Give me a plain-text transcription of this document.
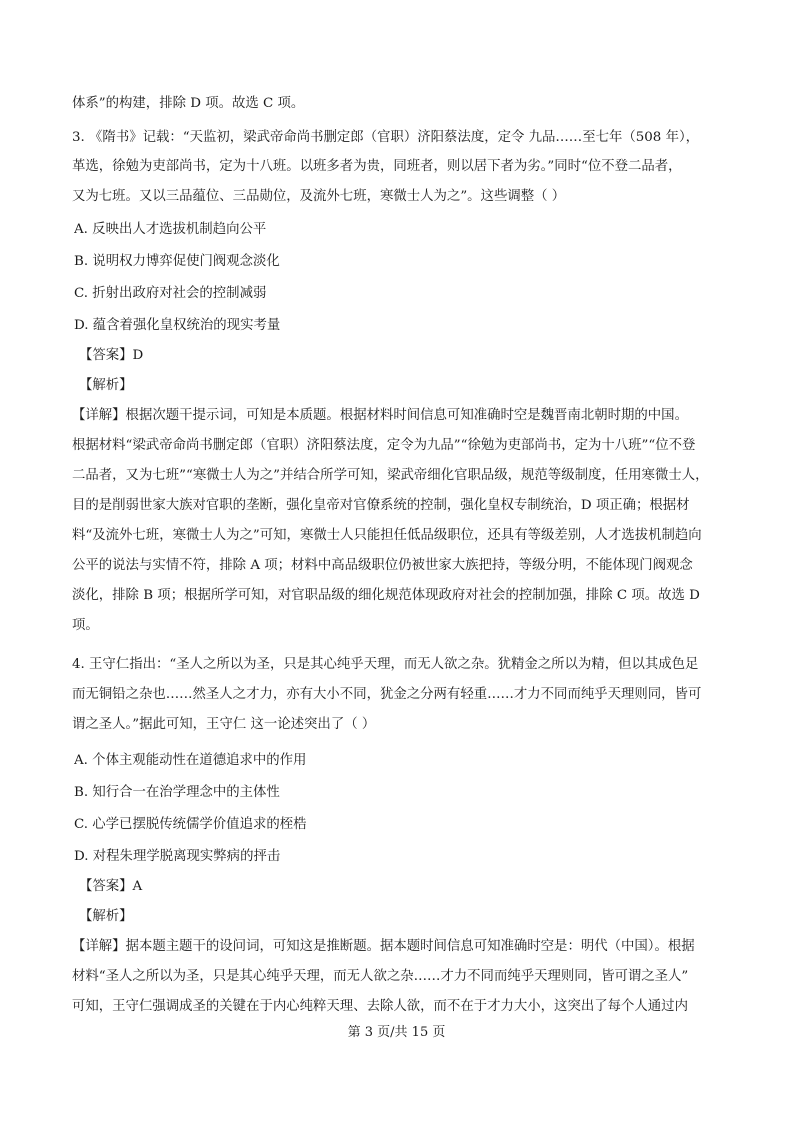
体系”的构建，排除 D 项。故选 C 项。
3. 《隋书》记载：“天监初，梁武帝命尚书删定郎（官职）济阳蔡法度，定令 九品……至七年（508 年），
革选，徐勉为吏部尚书，定为十八班。以班多者为贵，同班者，则以居下者为劣。”同时“位不登二品者，
又为七班。又以三品蕴位、三品勋位，及流外七班，寒微士人为之”。这些调整（ ）
A. 反映出人才选拔机制趋向公平
B. 说明权力博弈促使门阀观念淡化
C. 折射出政府对社会的控制减弱
D. 蕴含着强化皇权统治的现实考量
【答案】D
【解析】
【详解】根据次题干提示词，可知是本质题。根据材料时间信息可知准确时空是魏晋南北朝时期的中国。
根据材料“梁武帝命尚书删定郎（官职）济阳蔡法度，定令为九品”“徐勉为吏部尚书，定为十八班”“位不登
二品者，又为七班”“寒微士人为之”并结合所学可知，梁武帝细化官职品级，规范等级制度，任用寒微士人，
目的是削弱世家大族对官职的垄断，强化皇帝对官僚系统的控制，强化皇权专制统治，D 项正确；根据材
料“及流外七班，寒微士人为之”可知，寒微士人只能担任低品级职位，还具有等级差别，人才选拔机制趋向
公平的说法与实情不符，排除 A 项；材料中高品级职位仍被世家大族把持，等级分明，不能体现门阀观念
淡化，排除 B 项；根据所学可知，对官职品级的细化规范体现政府对社会的控制加强，排除 C 项。故选 D
项。
4. 王守仁指出：“圣人之所以为圣，只是其心纯乎天理，而无人欲之杂。犹精金之所以为精，但以其成色足
而无铜铅之杂也……然圣人之才力，亦有大小不同，犹金之分两有轻重……才力不同而纯乎天理则同，皆可
谓之圣人。”据此可知，王守仁 这一论述突出了（ ）
A. 个体主观能动性在道德追求中的作用
B. 知行合一在治学理念中的主体性
C. 心学已摆脱传统儒学价值追求的桎梏
D. 对程朱理学脱离现实弊病的抨击
【答案】A
【解析】
【详解】据本题主题干的设问词，可知这是推断题。据本题时间信息可知准确时空是：明代（中国）。根据
材料“圣人之所以为圣，只是其心纯乎天理，而无人欲之杂……才力不同而纯乎天理则同，皆可谓之圣人”
可知，王守仁强调成圣的关键在于内心纯粹天理、去除人欲，而不在于才力大小，这突出了每个人通过内
第 3 页/共 15 页
